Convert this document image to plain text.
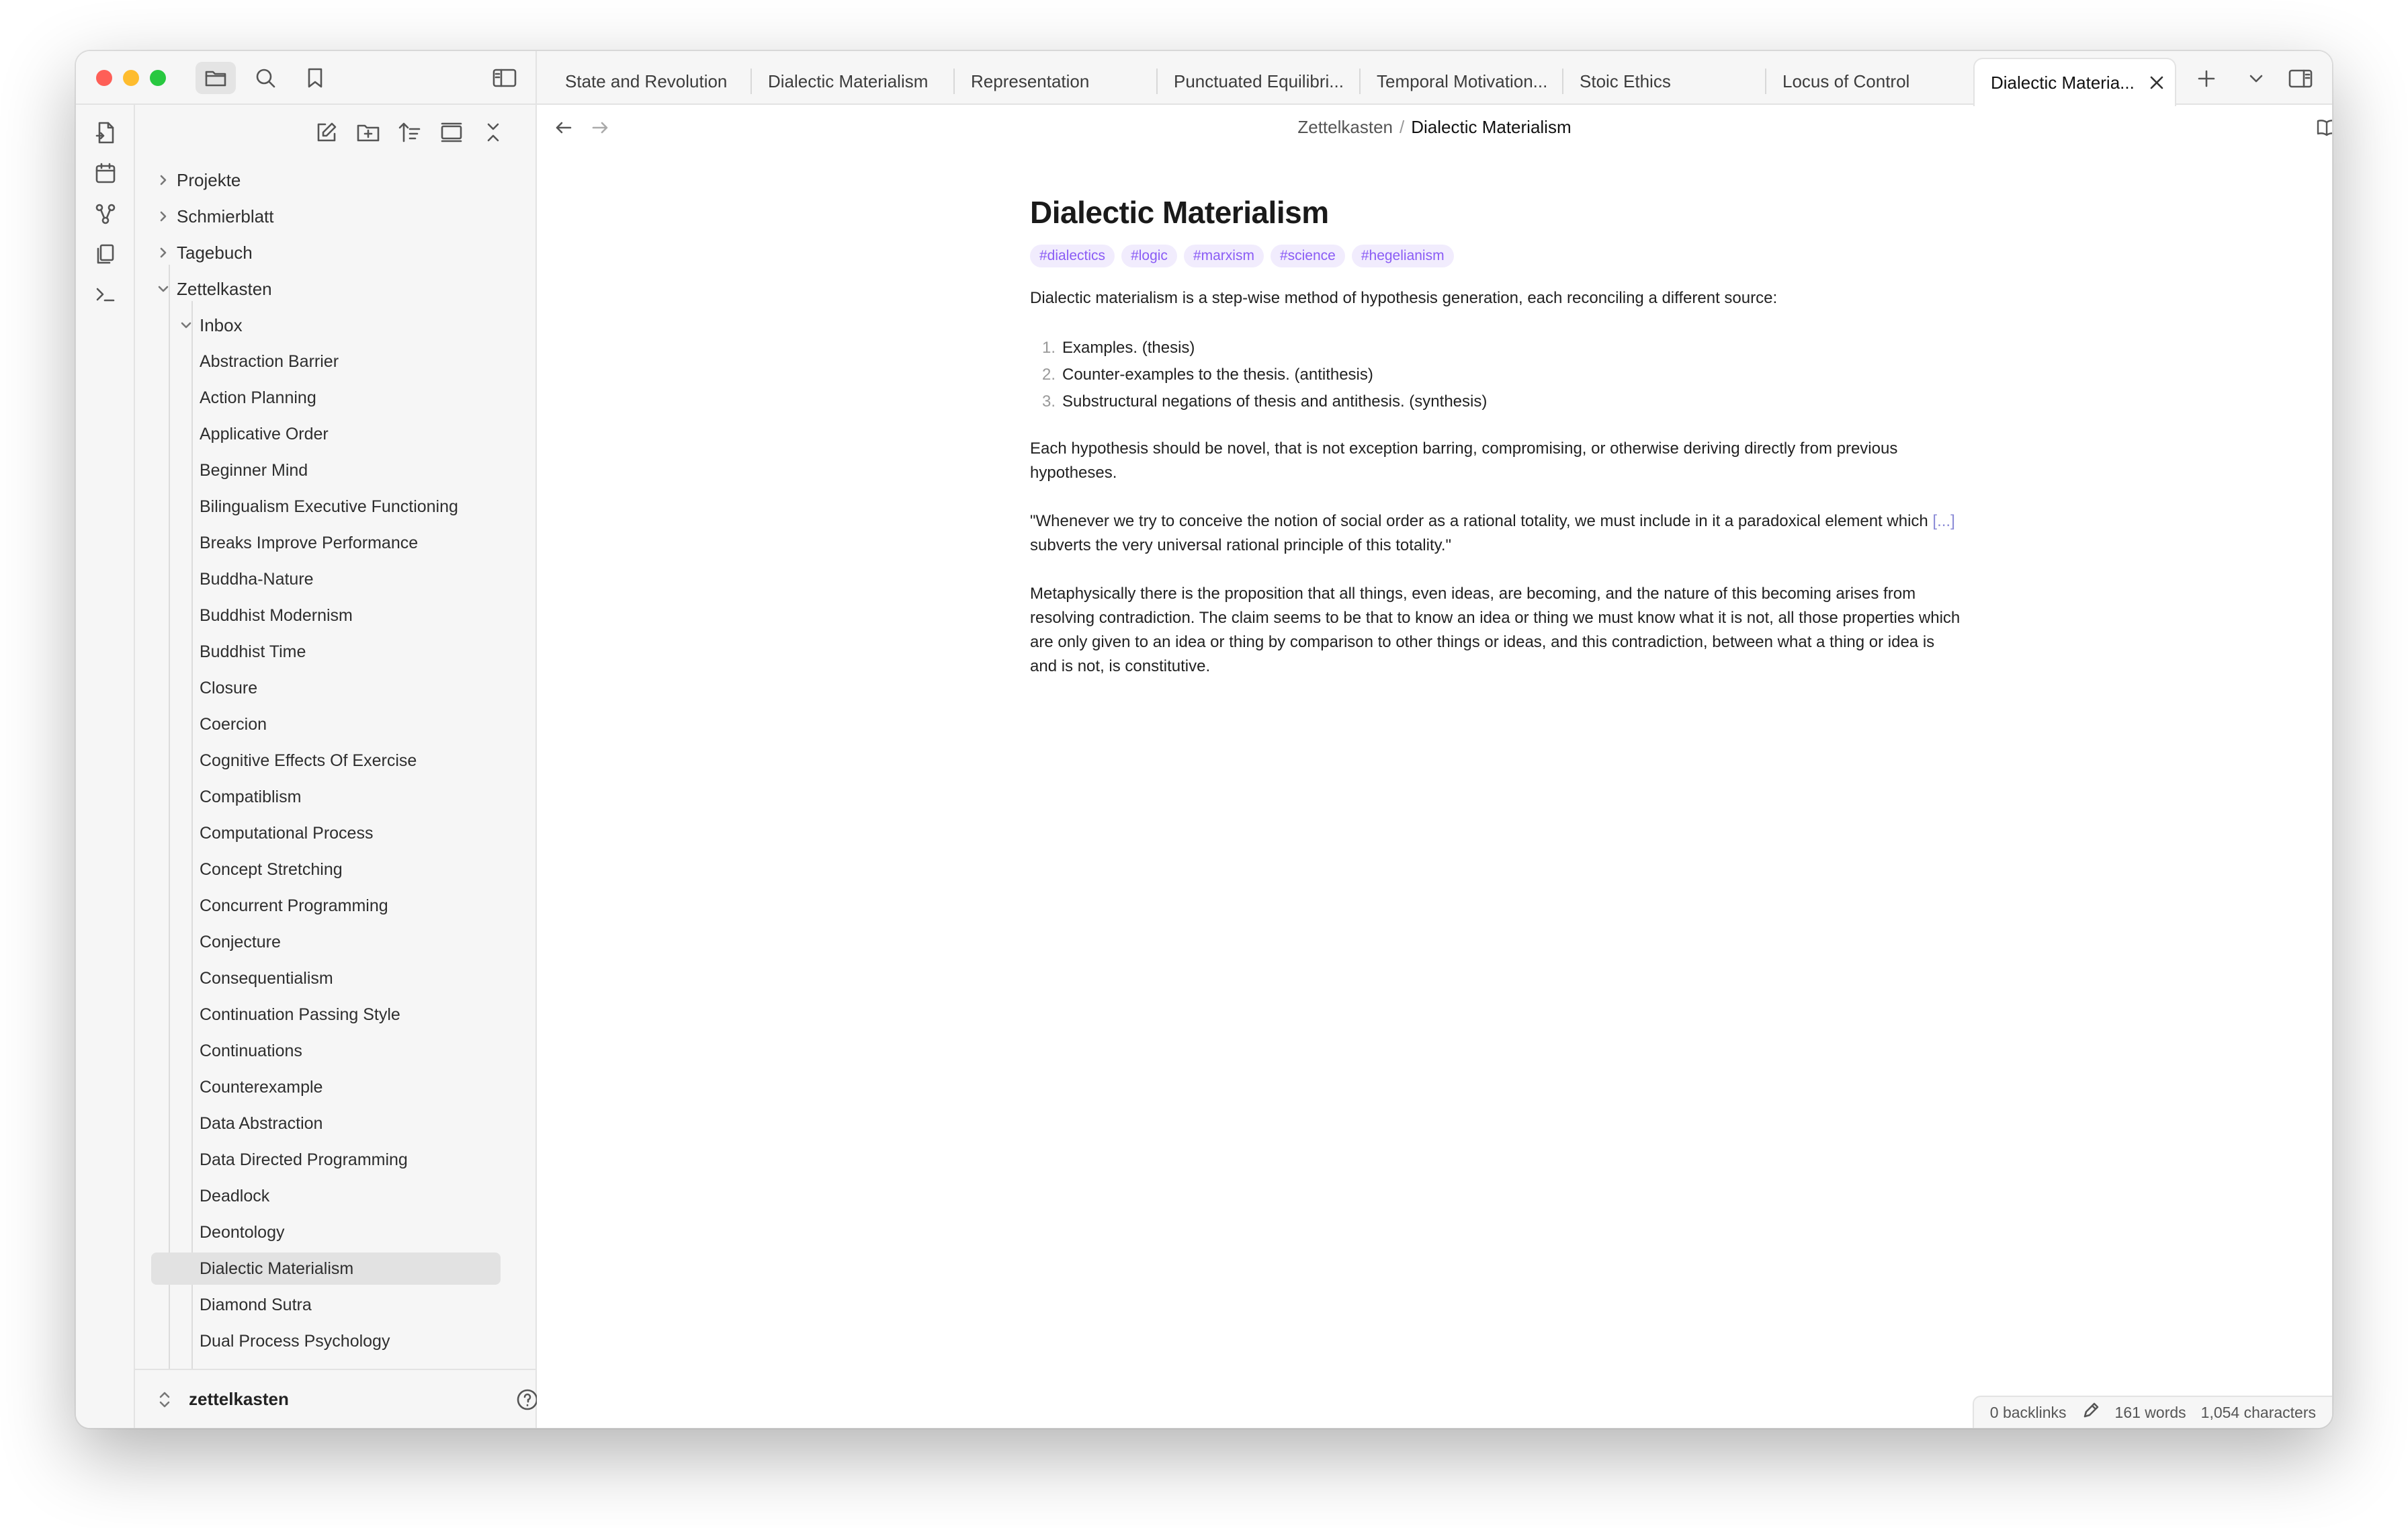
Projekte
Schmierblatt
Tagebuch
Zettelkasten
Inbox
Abstraction Barrier
Action Planning
Applicative Order
Beginner Mind
Bilingualism Executive Functioning
Breaks Improve Performance
Buddha-Nature
Buddhist Modernism
Buddhist Time
Closure
Coercion
Cognitive Effects Of Exercise
Compatiblism
Computational Process
Concept Stretching
Concurrent Programming
Conjecture
Consequentialism
Continuation Passing Style
Continuations
Counterexample
Data Abstraction
Data Directed Programming
Deadlock
Deontology
Dialectic Materialism
Diamond Sutra
Dual Process Psychology
zettelkasten
State and Revolution Dialectic Materialism Representation	Punctuated Equilibri... Temporal Motivation... Stoic Ethics	Locus of Control	Dialectic Materia...
Zettelkasten / Dialectic Materialism
Dialectic Materialism
#dialectics	#logic	#marxism	#science	#hegelianism

Dialectic materialism is a step-wise method of hypothesis generation, each reconciling a different source:

1. Examples. (thesis)
2. Counter-examples to the thesis. (antithesis)
3. Substructural negations of thesis and antithesis. (synthesis)

Each hypothesis should be novel, that is not exception barring, compromising, or otherwise deriving directly from previous hypotheses.

"Whenever we try to conceive the notion of social order as a rational totality, we must include in it a paradoxical element which [...] subverts the very universal rational principle of this totality."

Metaphysically there is the proposition that all things, even ideas, are becoming, and the nature of this becoming arises from resolving contradiction. The claim seems to be that to know an idea or thing we must know what it is not, all those properties which are only given to an idea or thing by comparison to other things or ideas, and this contradiction, between what a thing or idea is and is not, is constitutive.

0 backlinks	161 words 1,054 characters
